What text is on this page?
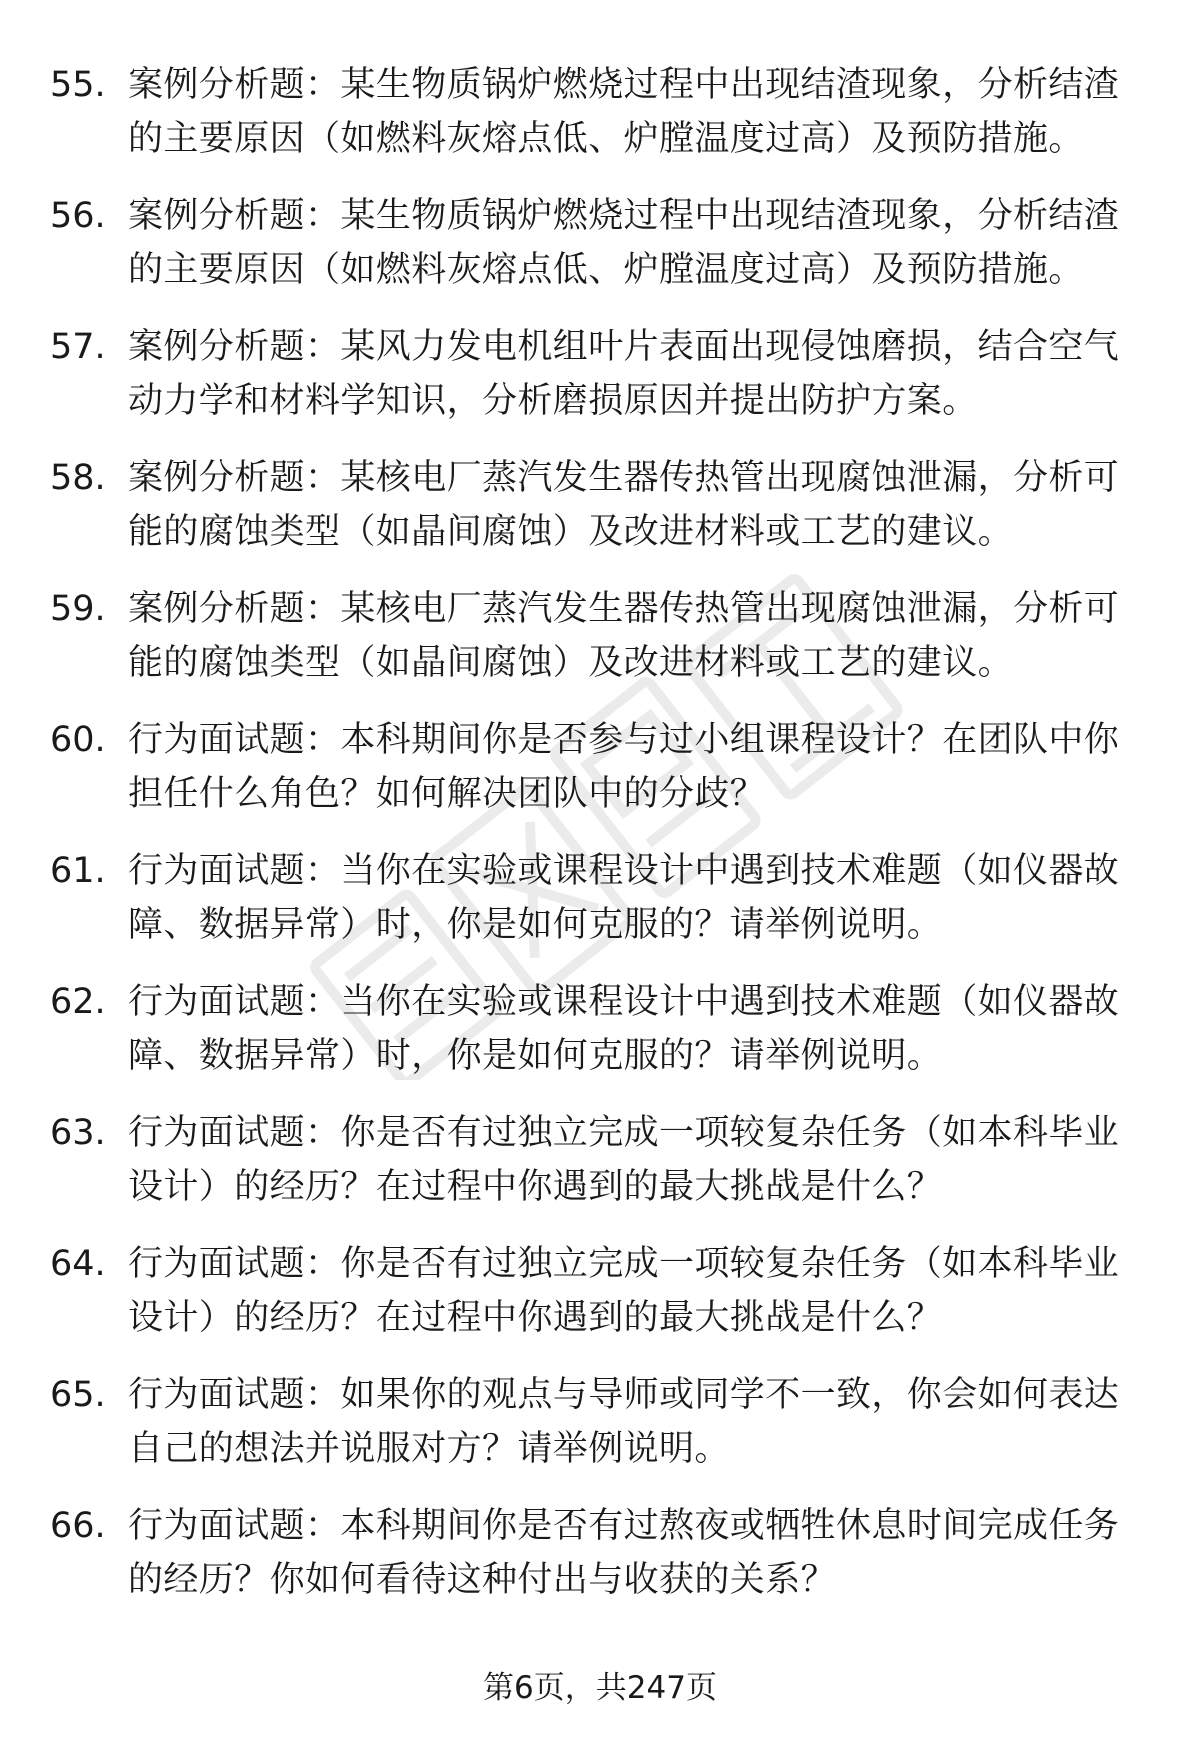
55. 案例分析题：某生物质锅炉燃烧过程中出现结渣现象，分析结渣的主要原因（如燃料灰熔点低、炉膛温度过高）及预防措施。
56. 案例分析题：某生物质锅炉燃烧过程中出现结渣现象，分析结渣的主要原因（如燃料灰熔点低、炉膛温度过高）及预防措施。
57. 案例分析题：某风力发电机组叶片表面出现侵蚀磨损，结合空气动力学和材料学知识，分析磨损原因并提出防护方案。
58. 案例分析题：某核电厂蒸汽发生器传热管出现腐蚀泄漏，分析可能的腐蚀类型（如晶间腐蚀）及改进材料或工艺的建议。
59. 案例分析题：某核电厂蒸汽发生器传热管出现腐蚀泄漏，分析可能的腐蚀类型（如晶间腐蚀）及改进材料或工艺的建议。
60. 行为面试题：本科期间你是否参与过小组课程设计？在团队中你担任什么角色？如何解决团队中的分歧？
61. 行为面试题：当你在实验或课程设计中遇到技术难题（如仪器故障、数据异常）时，你是如何克服的？请举例说明。
62. 行为面试题：当你在实验或课程设计中遇到技术难题（如仪器故障、数据异常）时，你是如何克服的？请举例说明。
63. 行为面试题：你是否有过独立完成一项较复杂任务（如本科毕业设计）的经历？在过程中你遇到的最大挑战是什么？
64. 行为面试题：你是否有过独立完成一项较复杂任务（如本科毕业设计）的经历？在过程中你遇到的最大挑战是什么？
65. 行为面试题：如果你的观点与导师或同学不一致，你会如何表达自己的想法并说服对方？请举例说明。
66. 行为面试题：本科期间你是否有过熬夜或牺牲休息时间完成任务的经历？你如何看待这种付出与收获的关系？
第6页，共247页
